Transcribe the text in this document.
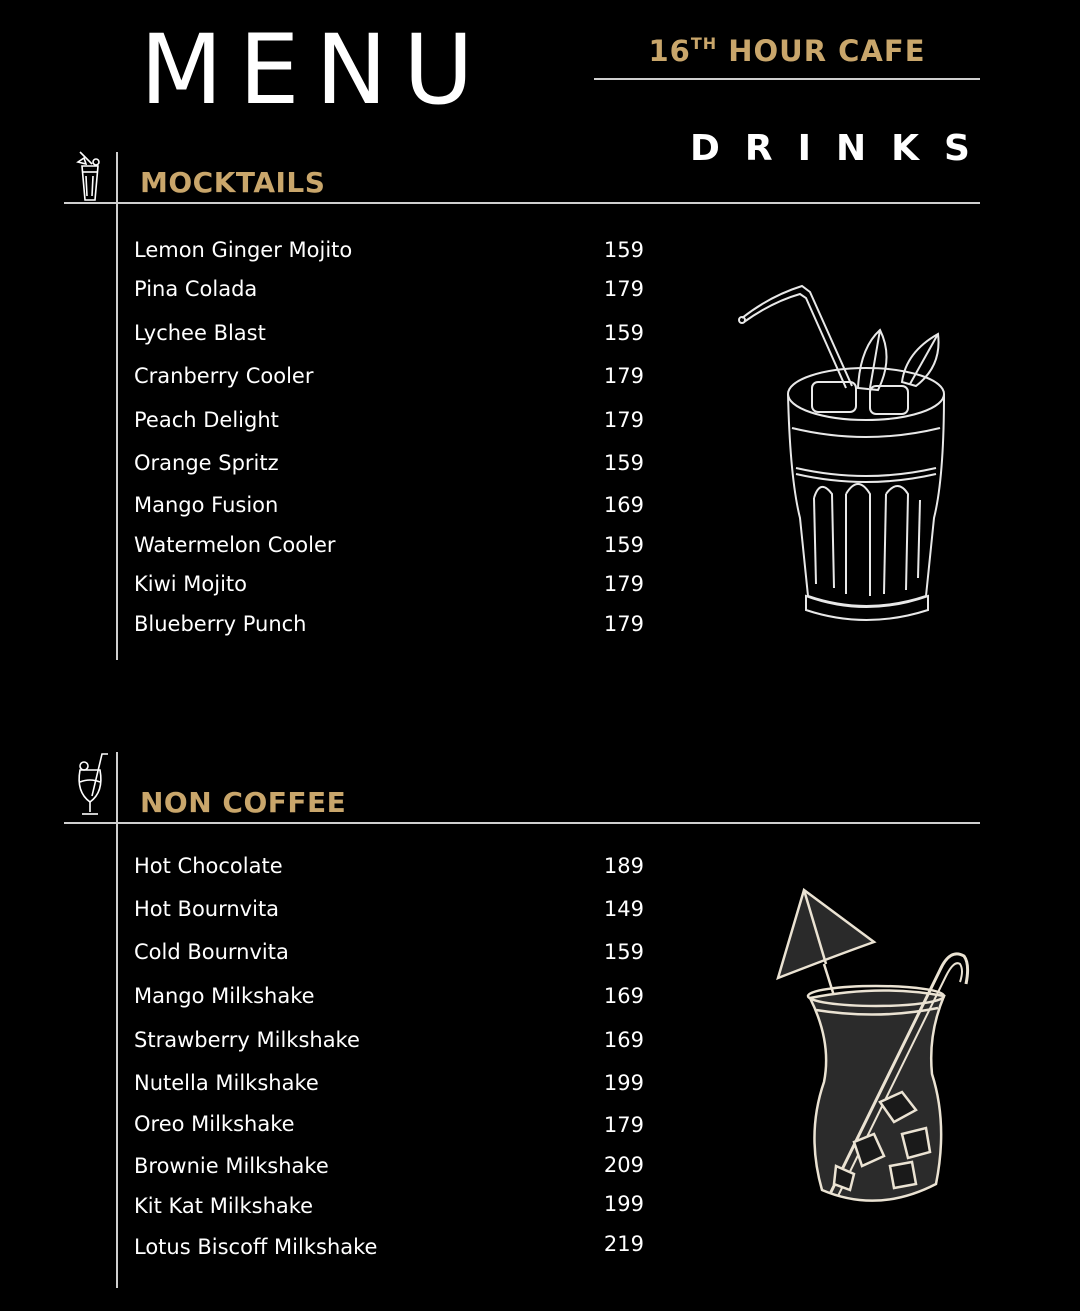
MENU	16TH HOUR CAFE
DRINKS
MOCKTAILS
Lemon Ginger Mojito	159
Pina Colada	179
Lychee Blast	159
Cranberry Cooler	179
Peach Delight	179
Orange Spritz	159
Mango Fusion	169
Watermelon Cooler	159
Kiwi Mojito	179
Blueberry Punch	179
NON COFFEE
Hot Chocolate	189
Hot Bournvita	149
Cold Bournvita	159
Mango Milkshake	169
Strawberry Milkshake	169
Nutella Milkshake	199
Oreo Milkshake	179
Brownie Milkshake	209
Kit Kat Milkshake	199
Lotus Biscoff Milkshake	219
